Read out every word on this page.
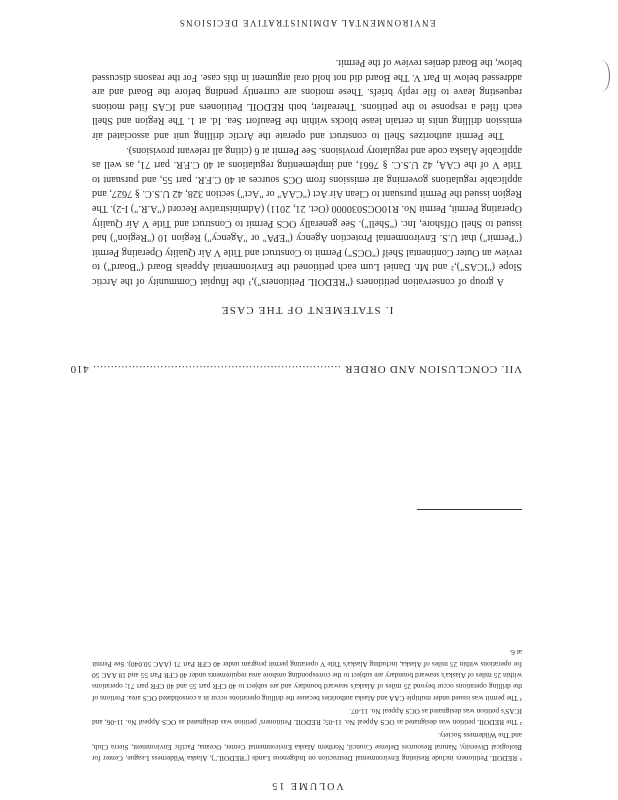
VOLUME 15

¹ REDOIL Petitioners include Resisting Environmental Destruction on Indigenous Lands ("REDOIL"), Alaska Wilderness League, Center for Biological Diversity, Natural Resources Defense Council, Northern Alaska Environmental Center, Oceana, Pacific Environment, Sierra Club, and The Wilderness Society.

² The REDOIL petition was designated as OCS Appeal No. 11-05; REDOIL Petitioners' petition was designated as OCS Appeal No. 11-06, and ICAS's petition was designated as OCS Appeal No. 11-07.

³ The permit was issued under multiple CAA and Alaska authorities because the drilling operations occur in a consolidated OCS area. Portions of the drilling operations occur beyond 25 miles of Alaska's seaward boundary and are subject to 40 CFR part 55 and 40 CFR part 71; operations within 25 miles of Alaska's seaward boundary are subject to the corresponding onshore area requirements under 40 CFR Part 55 and 18 AAC 50 for operations within 25 miles of Alaska, including Alaska's Title V operating permit program under 40 CFR Part 71 (AAC 50.040). See Permit at 6.

VII. CONCLUSION AND ORDER ...................................................................... 410
I. STATEMENT OF THE CASE

A group of conservation petitioners ("REDOIL Petitioners"),¹ the Iñupiat Community of the Arctic Slope ("ICAS"),² and Mr. Daniel Lum each petitioned the Environmental Appeals Board ("Board") to review an Outer Continental Shelf ("OCS") Permit to Construct and Title V Air Quality Operating Permit ("Permit") that U.S. Environmental Protection Agency ("EPA" or "Agency") Region 10 ("Region") had issued to Shell Offshore, Inc. ("Shell"). See generally OCS Permit to Construct and Title V Air Quality Operating Permit, Permit No. R10OCS030000 (Oct. 21, 2011) (Administrative Record ("A.R.") I-2). The Region issued the Permit pursuant to Clean Air Act ("CAA" or "Act") section 328, 42 U.S.C. § 7627, and applicable regulations governing air emissions from OCS sources at 40 C.F.R. part 55, and pursuant to Title V of the CAA, 42 U.S.C. § 7661, and implementing regulations at 40 C.F.R. part 71, as well as applicable Alaska code and regulatory provisions. See Permit at 6 (citing all relevant provisions).

The Permit authorizes Shell to construct and operate the Arctic drilling unit and associated air emission drilling units in certain lease blocks within the Beaufort Sea. Id. at 1. The Region and Shell each filed a response to the petitions. Thereafter, both REDOIL Petitioners and ICAS filed motions requesting leave to file reply briefs. These motions are currently pending before the Board and are addressed below in Part V. The Board did not hold oral argument in this case. For the reasons discussed below, the Board denies review of the Permit.

ENVIRONMENTAL ADMINISTRATIVE DECISIONS
